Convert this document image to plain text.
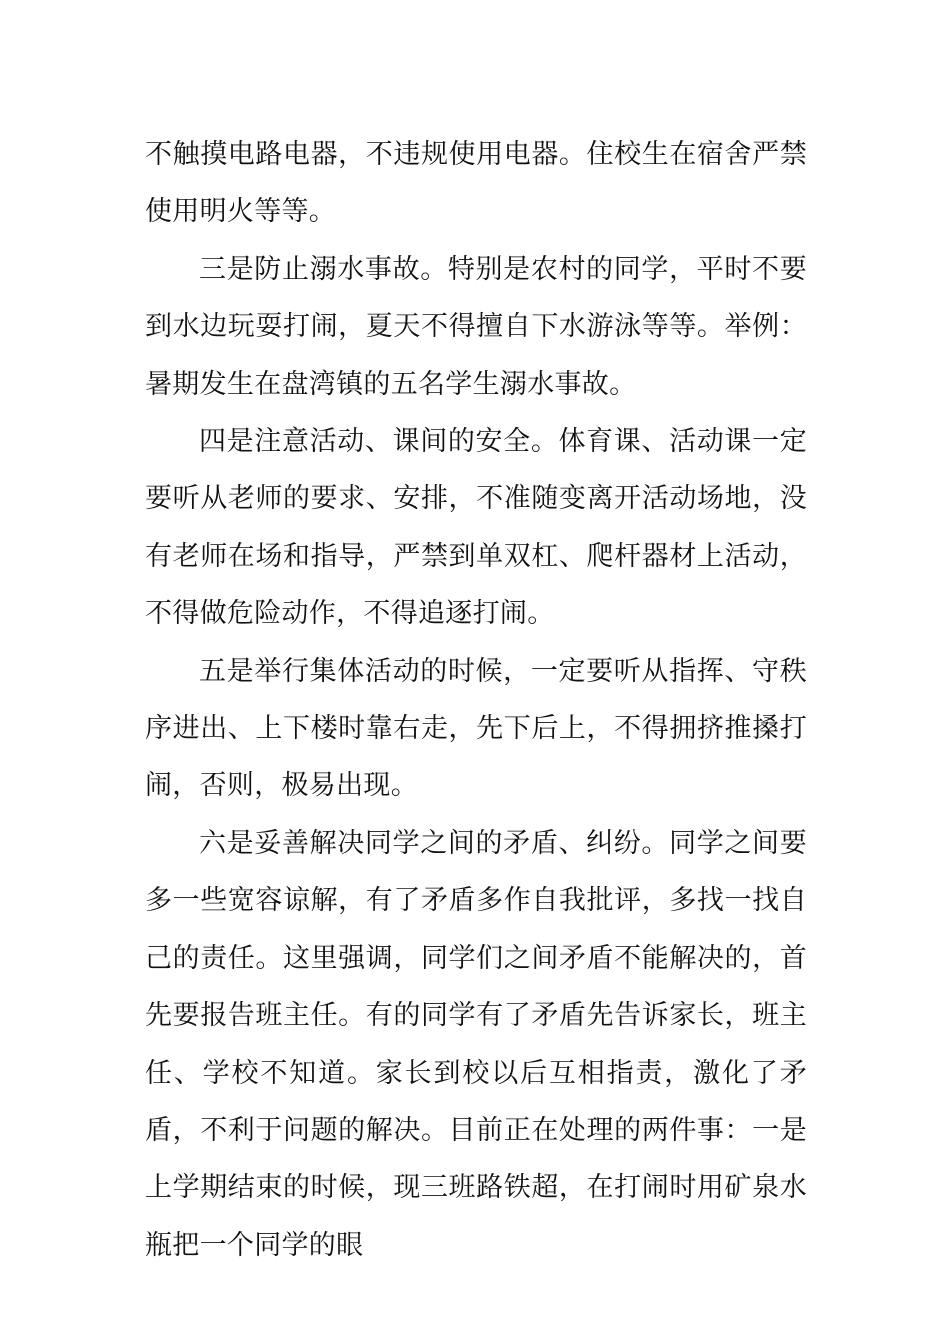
不触摸电路电器，不违规使用电器。住校生在宿舍严禁使用明火等等。

三是防止溺水事故。特别是农村的同学，平时不要到水边玩耍打闹，夏天不得擅自下水游泳等等。举例：暑期发生在盘湾镇的五名学生溺水事故。

四是注意活动、课间的安全。体育课、活动课一定要听从老师的要求、安排，不准随变离开活动场地，没有老师在场和指导，严禁到单双杠、爬杆器材上活动，不得做危险动作，不得追逐打闹。

五是举行集体活动的时候，一定要听从指挥、守秩序进出、上下楼时靠右走，先下后上，不得拥挤推搡打闹，否则，极易出现。

六是妥善解决同学之间的矛盾、纠纷。同学之间要多一些宽容谅解，有了矛盾多作自我批评，多找一找自己的责任。这里强调，同学们之间矛盾不能解决的，首先要报告班主任。有的同学有了矛盾先告诉家长，班主任、学校不知道。家长到校以后互相指责，激化了矛盾，不利于问题的解决。目前正在处理的两件事：一是上学期结束的时候，现三班路铁超，在打闹时用矿泉水瓶把一个同学的眼
